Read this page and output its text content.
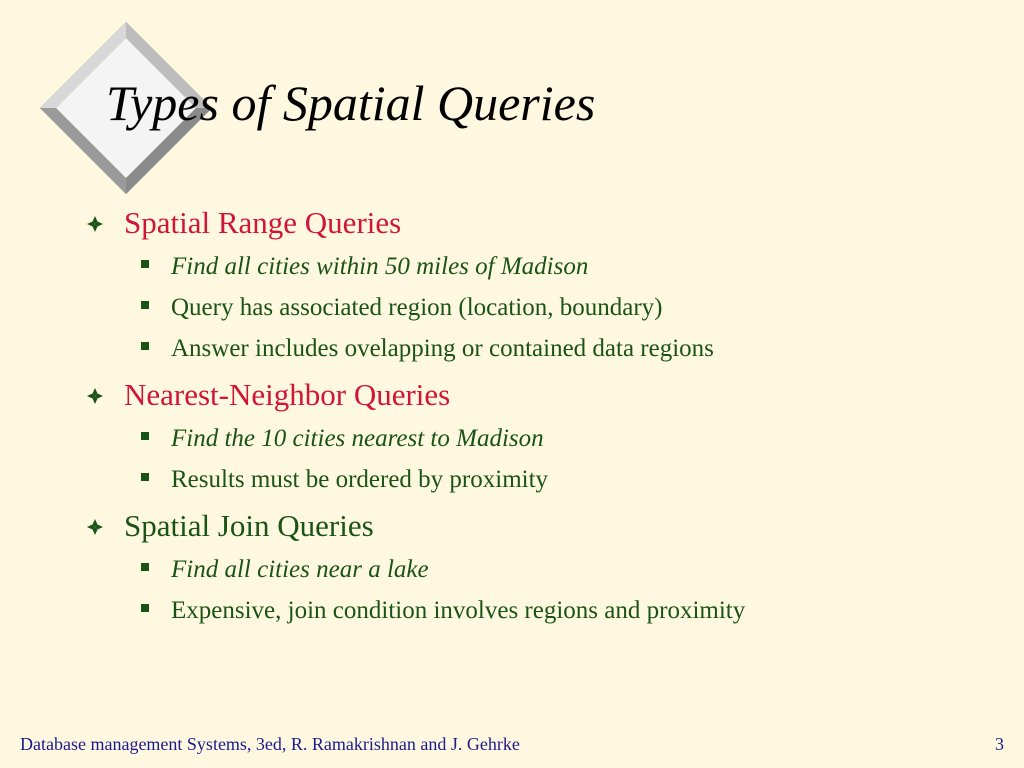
Types of Spatial Queries
Spatial Range Queries
Find all cities within 50 miles of Madison
Query has associated region (location, boundary)
Answer includes ovelapping or contained data regions
Nearest-Neighbor Queries
Find the 10 cities nearest to Madison
Results must be ordered by proximity
Spatial Join Queries
Find all cities near a lake
Expensive, join condition involves regions and proximity
Database management Systems, 3ed, R. Ramakrishnan and J. Gehrke	3
